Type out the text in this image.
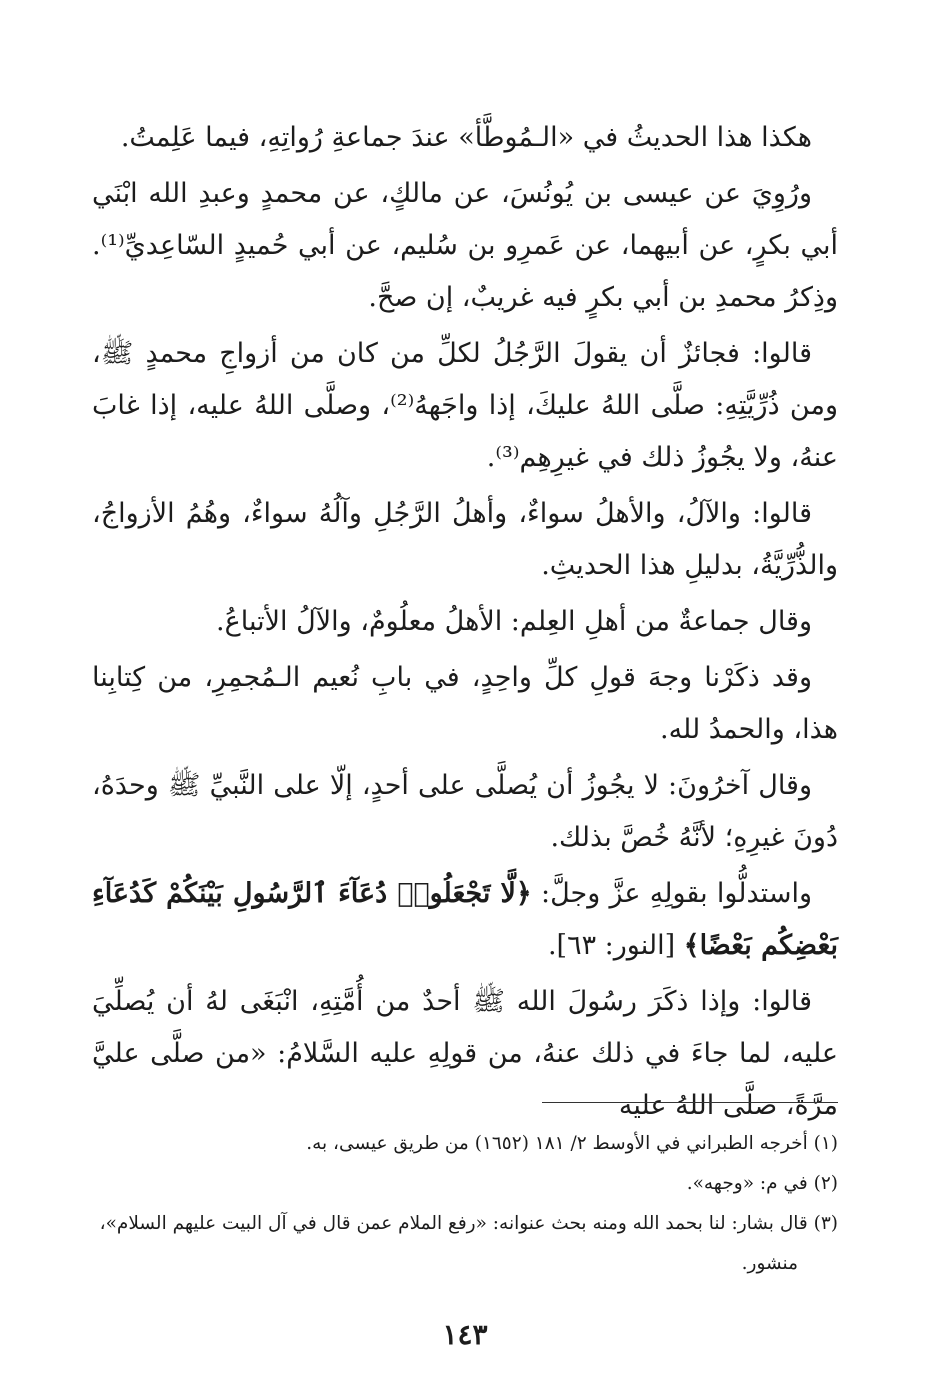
هكذا هذا الحديثُ في «الـمُوطَّأ» عندَ جماعةِ رُواتِهِ، فيما عَلِمتُ.

ورُوِيَ عن عيسى بن يُونُسَ، عن مالكٍ، عن محمدٍ وعبدِ الله ابْنَي أبي بكرٍ، عن أبيهما، عن عَمرِو بن سُليم، عن أبي حُميدٍ السّاعِديِّ⁽¹⁾. وذِكرُ محمدِ بن أبي بكرٍ فيه غريبٌ، إن صحَّ.

قالوا: فجائزٌ أن يقولَ الرَّجُلُ لكلِّ من كان من أزواجِ محمدٍ ﷺ، ومن ذُرِّيَّتِهِ: صلَّى اللهُ عليكَ، إذا واجَههُ⁽²⁾، وصلَّى اللهُ عليه، إذا غابَ عنهُ، ولا يجُوزُ ذلك في غيرِهِم⁽³⁾.

قالوا: والآلُ، والأهلُ سواءٌ، وأهلُ الرَّجُلِ وآلُهُ سواءٌ، وهُمُ الأزواجُ، والذُّرِّيَّةُ، بدليلِ هذا الحديثِ.

وقال جماعةٌ من أهلِ العِلم: الأهلُ معلُومٌ، والآلُ الأتباعُ.

وقد ذكَرْنا وجهَ قولِ كلِّ واحِدٍ، في بابِ نُعيم الـمُجمِرِ، من كِتابِنا هذا، والحمدُ لله.

وقال آخرُونَ: لا يجُوزُ أن يُصلَّى على أحدٍ، إلّا على النَّبيِّ ﷺ وحدَهُ، دُونَ غيرِهِ؛ لأنَّهُ خُصَّ بذلك.

واستدلُّوا بقولِهِ عزَّ وجلَّ: ﴿لَّا تَجْعَلُوا۟ دُعَآءَ ٱلرَّسُولِ بَيْنَكُمْ كَدُعَآءِ بَعْضِكُم بَعْضًا﴾ [النور: ٦٣].

قالوا: وإذا ذكَرَ رسُولَ الله ﷺ أحدٌ من أُمَّتِهِ، انْبَغَى لهُ أن يُصلِّيَ عليه، لما جاءَ في ذلك عنهُ، من قولِهِ عليه السَّلامُ: «من صلَّى عليَّ مرَّةً، صلَّى اللهُ عليه

(١) أخرجه الطبراني في الأوسط ٢/ ١٨١ (١٦٥٢) من طريق عيسى، به.

(٢) في م: «وجهه».

(٣) قال بشار: لنا بحمد الله ومنه بحث عنوانه: «رفع الملام عمن قال في آل البيت عليهم السلام»،

منشور.

١٤٣
